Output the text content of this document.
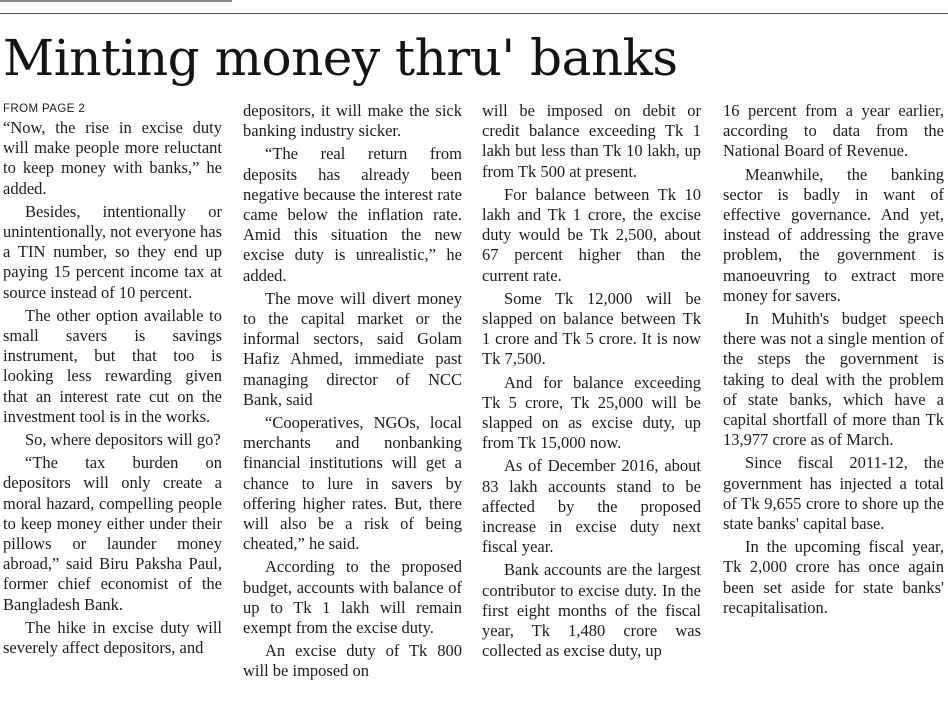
Minting money thru' banks
FROM PAGE 2

“Now, the rise in excise duty will make people more reluctant to keep money with banks,” he added.

Besides, intentionally or unintentionally, not everyone has a TIN number, so they end up paying 15 percent income tax at source instead of 10 percent.

The other option available to small savers is savings instrument, but that too is looking less rewarding given that an interest rate cut on the investment tool is in the works.

So, where depositors will go?

“The tax burden on depositors will only create a moral hazard, compelling people to keep money either under their pillows or launder money abroad,” said Biru Paksha Paul, former chief economist of the Bangladesh Bank.

The hike in excise duty will severely affect depositors, and

depositors, it will make the sick banking industry sicker.

“The real return from deposits has already been negative because the interest rate came below the inflation rate. Amid this situation the new excise duty is unrealistic,” he added.

The move will divert money to the capital market or the informal sectors, said Golam Hafiz Ahmed, immediate past managing director of NCC Bank, said

“Cooperatives, NGOs, local merchants and nonbanking financial institutions will get a chance to lure in savers by offering higher rates. But, there will also be a risk of being cheated,” he said.

According to the proposed budget, accounts with balance of up to Tk 1 lakh will remain exempt from the excise duty.

An excise duty of Tk 800 will be imposed on

will be imposed on debit or credit balance exceeding Tk 1 lakh but less than Tk 10 lakh, up from Tk 500 at present.

For balance between Tk 10 lakh and Tk 1 crore, the excise duty would be Tk 2,500, about 67 percent higher than the current rate.

Some Tk 12,000 will be slapped on balance between Tk 1 crore and Tk 5 crore. It is now Tk 7,500.

And for balance exceeding Tk 5 crore, Tk 25,000 will be slapped on as excise duty, up from Tk 15,000 now.

As of December 2016, about 83 lakh accounts stand to be affected by the proposed increase in excise duty next fiscal year.

Bank accounts are the largest contributor to excise duty. In the first eight months of the fiscal year, Tk 1,480 crore was collected as excise duty, up

16 percent from a year earlier, according to data from the National Board of Revenue.

Meanwhile, the banking sector is badly in want of effective governance. And yet, instead of addressing the grave problem, the government is manoeuvring to extract more money for savers.

In Muhith's budget speech there was not a single mention of the steps the government is taking to deal with the problem of state banks, which have a capital shortfall of more than Tk 13,977 crore as of March.

Since fiscal 2011-12, the government has injected a total of Tk 9,655 crore to shore up the state banks' capital base.

In the upcoming fiscal year, Tk 2,000 crore has once again been set aside for state banks' recapitalisation.
